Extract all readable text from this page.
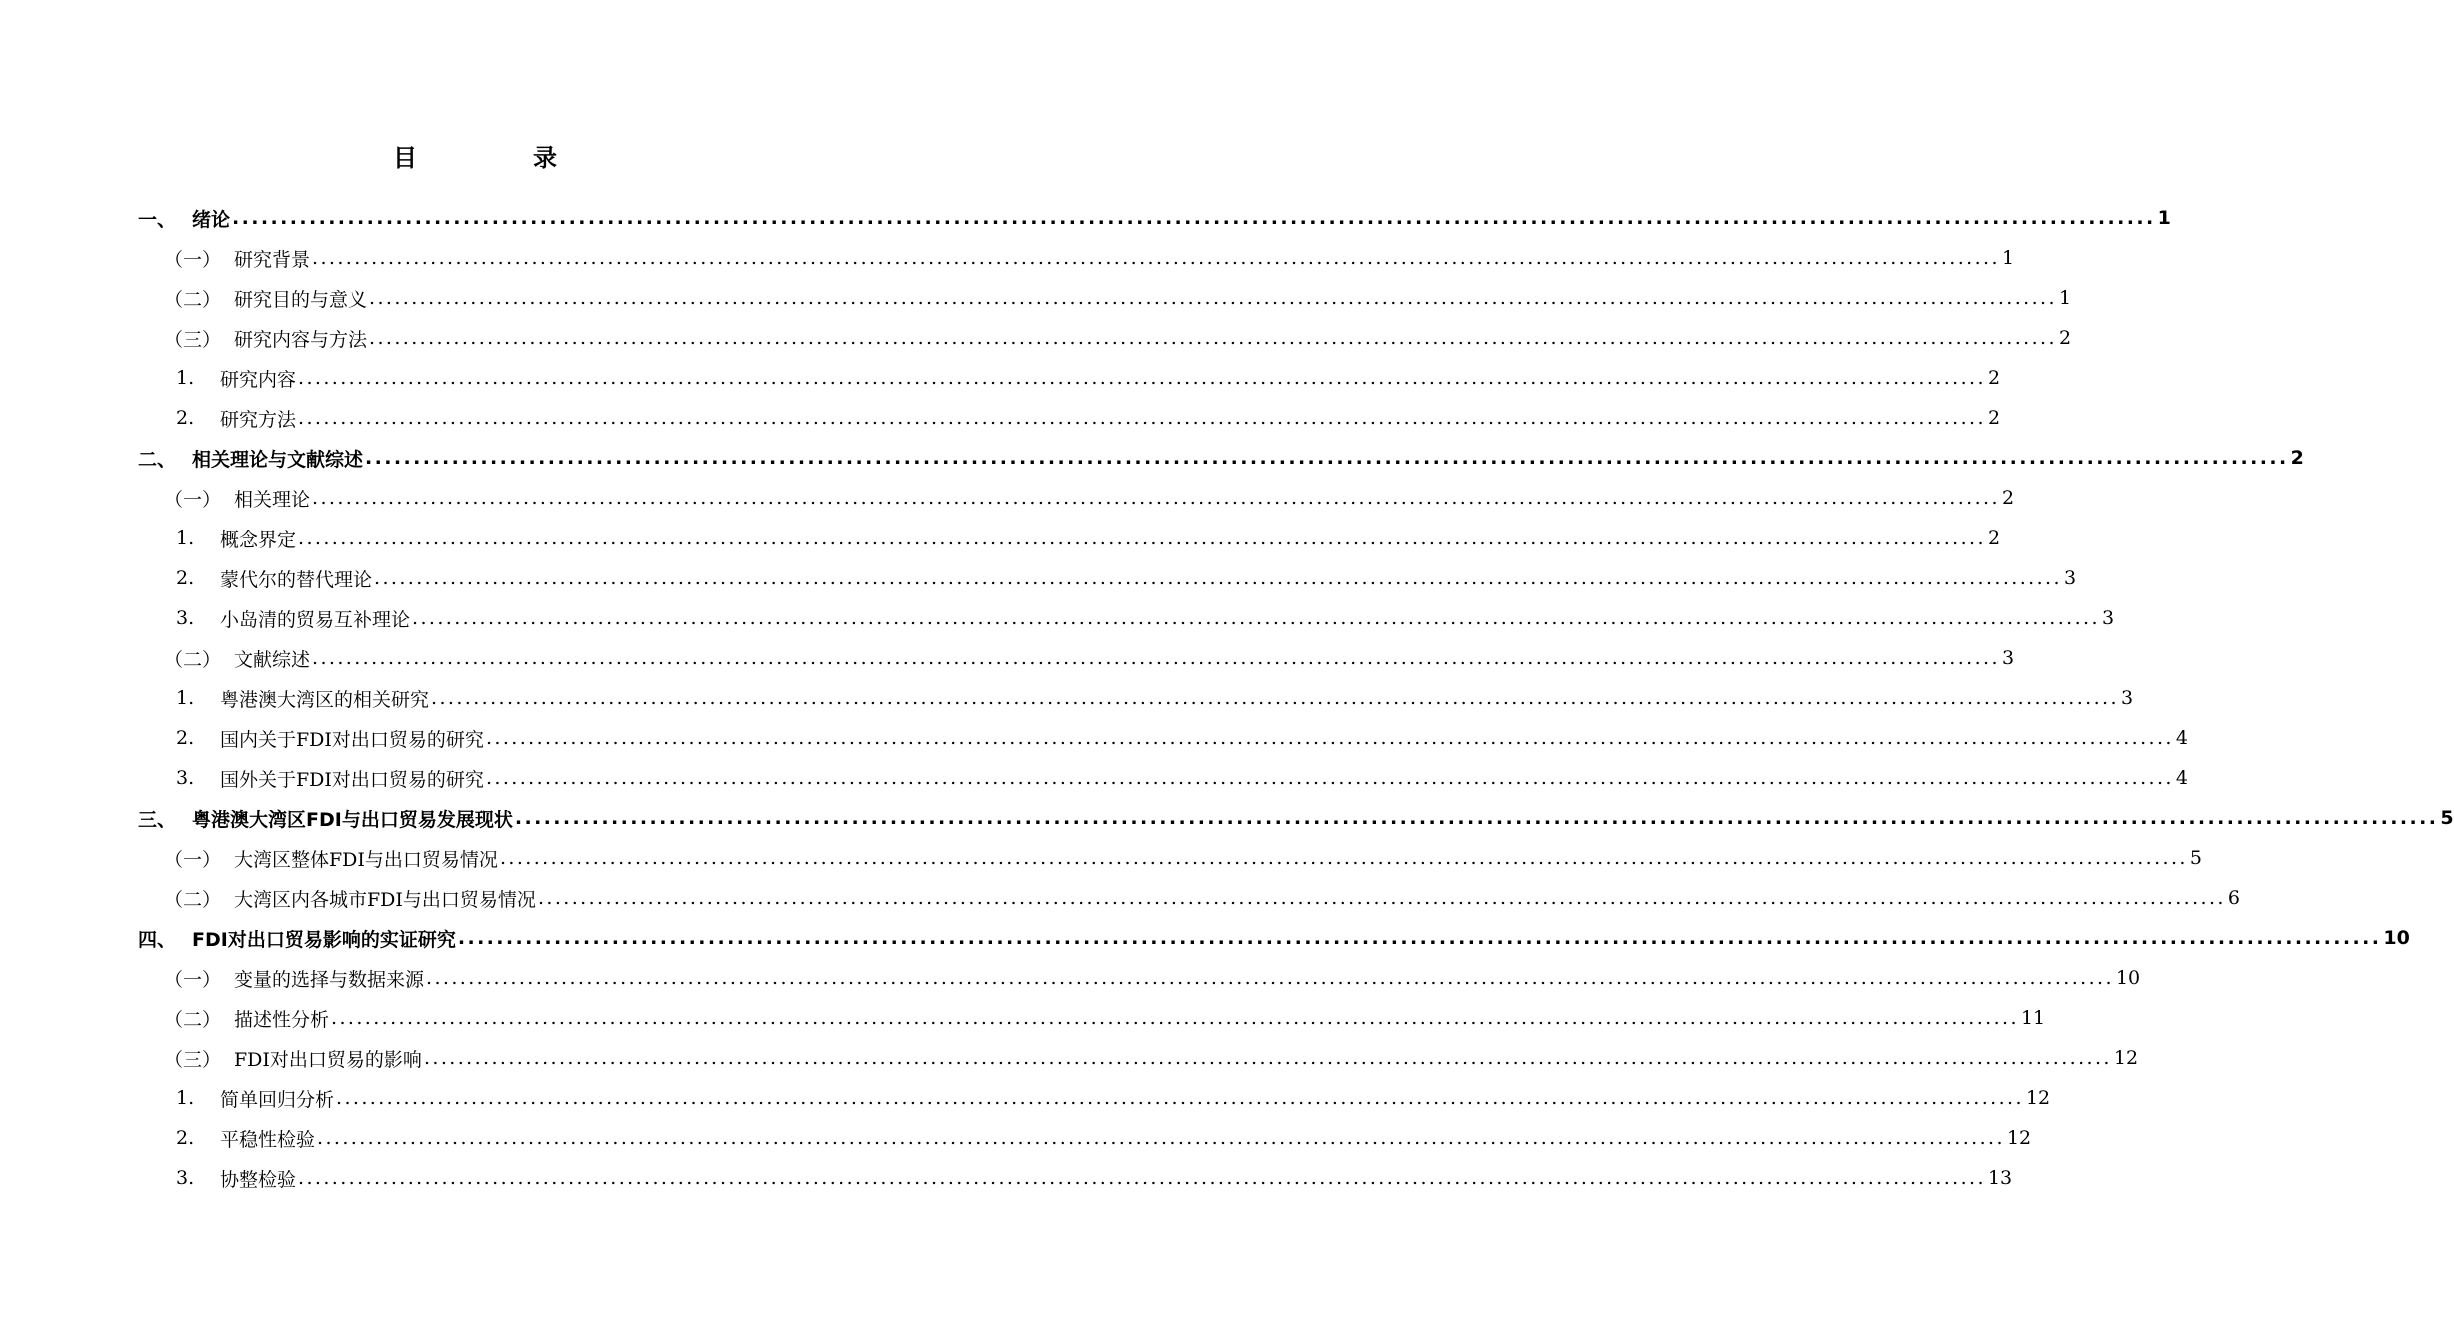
目　录
一、 绪论 ........................................................................................................................................................................................................ 1
（一） 研究背景 ........................................................................................................................................................................................................ 1
（二） 研究目的与意义 ........................................................................................................................................................................................................ 1
（三） 研究内容与方法 ........................................................................................................................................................................................................ 2
1.	研究内容 ........................................................................................................................................................................................................ 2
2.	研究方法 ........................................................................................................................................................................................................ 2
二、 相关理论与文献综述 ........................................................................................................................................................................................................ 2
（一） 相关理论 ........................................................................................................................................................................................................ 2
1.	概念界定 ........................................................................................................................................................................................................ 2
2.	蒙代尔的替代理论 ........................................................................................................................................................................................................ 3
3.	小岛清的贸易互补理论 ........................................................................................................................................................................................................ 3
（二） 文献综述 ........................................................................................................................................................................................................ 3
1.	粤港澳大湾区的相关研究 ........................................................................................................................................................................................................ 3
2.	国内关于FDI对出口贸易的研究 ........................................................................................................................................................................................................ 4
3.	国外关于FDI对出口贸易的研究 ........................................................................................................................................................................................................ 4
三、 粤港澳大湾区FDI与出口贸易发展现状 ........................................................................................................................................................................................................ 5
（一） 大湾区整体FDI与出口贸易情况 ........................................................................................................................................................................................................ 5
（二） 大湾区内各城市FDI与出口贸易情况 ........................................................................................................................................................................................................ 6
四、 FDI对出口贸易影响的实证研究 ........................................................................................................................................................................................................ 10
（一） 变量的选择与数据来源 ........................................................................................................................................................................................................ 10
（二） 描述性分析 ........................................................................................................................................................................................................ 11
（三） FDI对出口贸易的影响 ........................................................................................................................................................................................................ 12
1.	简单回归分析 ........................................................................................................................................................................................................ 12
2.	平稳性检验 ........................................................................................................................................................................................................ 12
3.	协整检验 ........................................................................................................................................................................................................ 13
